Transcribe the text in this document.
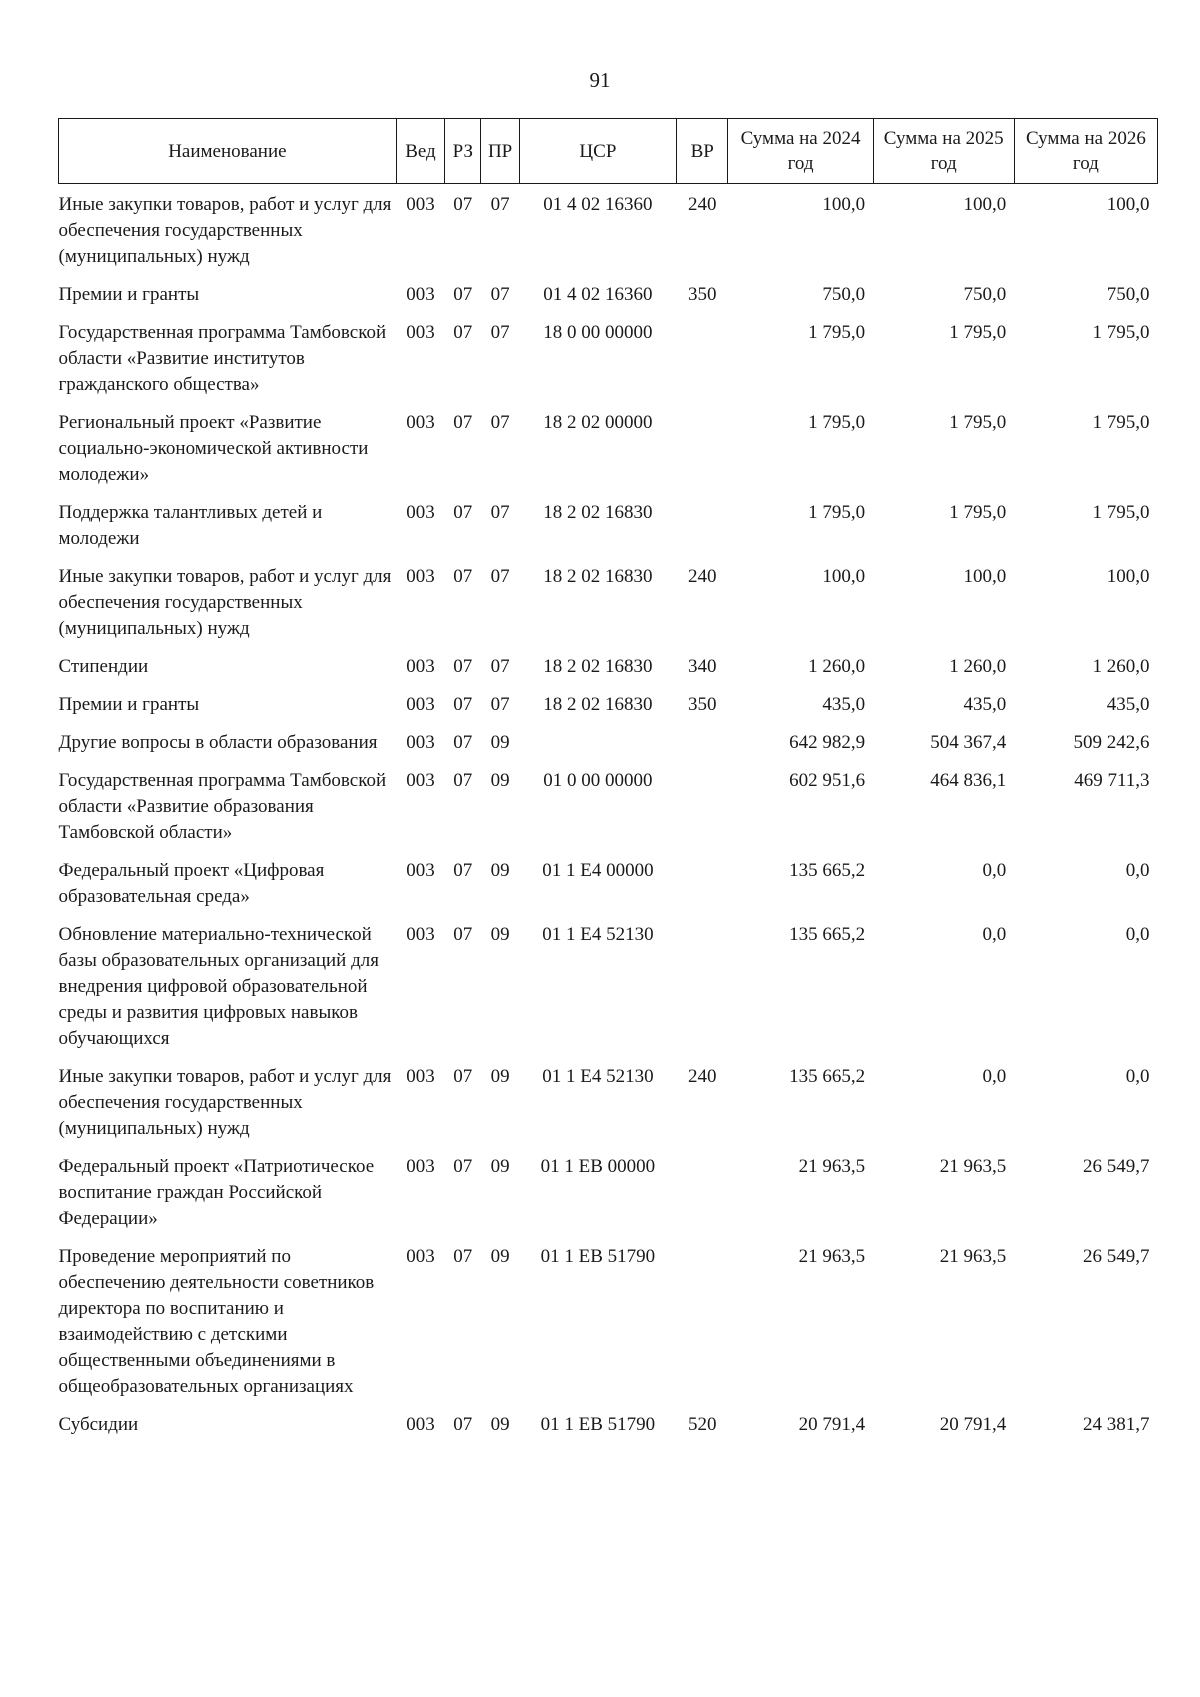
91
Наименование	Вед	РЗ	ПР	ЦСР	ВР	Сумма на 2024 год	Сумма на 2025 год	Сумма на 2026 год
Иные закупки товаров, работ и услуг для обеспечения государственных (муниципальных) нужд	003	07	07	01 4 02 16360	240	100,0	100,0	100,0
Премии и гранты	003	07	07	01 4 02 16360	350	750,0	750,0	750,0
Государственная программа Тамбовской области «Развитие институтов гражданского общества»	003	07	07	18 0 00 00000		1 795,0	1 795,0	1 795,0
Региональный проект «Развитие социально-экономической активности молодежи»	003	07	07	18 2 02 00000		1 795,0	1 795,0	1 795,0
Поддержка талантливых детей и молодежи	003	07	07	18 2 02 16830		1 795,0	1 795,0	1 795,0
Иные закупки товаров, работ и услуг для обеспечения государственных (муниципальных) нужд	003	07	07	18 2 02 16830	240	100,0	100,0	100,0
Стипендии	003	07	07	18 2 02 16830	340	1 260,0	1 260,0	1 260,0
Премии и гранты	003	07	07	18 2 02 16830	350	435,0	435,0	435,0
Другие вопросы в области образования	003	07	09			642 982,9	504 367,4	509 242,6
Государственная программа Тамбовской области «Развитие образования Тамбовской области»	003	07	09	01 0 00 00000		602 951,6	464 836,1	469 711,3
Федеральный проект «Цифровая образовательная среда»	003	07	09	01 1 E4 00000		135 665,2	0,0	0,0
Обновление материально-технической базы образовательных организаций для внедрения цифровой образовательной среды и развития цифровых навыков обучающихся	003	07	09	01 1 E4 52130		135 665,2	0,0	0,0
Иные закупки товаров, работ и услуг для обеспечения государственных (муниципальных) нужд	003	07	09	01 1 E4 52130	240	135 665,2	0,0	0,0
Федеральный проект «Патриотическое воспитание граждан Российской Федерации»	003	07	09	01 1 EB 00000		21 963,5	21 963,5	26 549,7
Проведение мероприятий по обеспечению деятельности советников директора по воспитанию и взаимодействию с детскими общественными объединениями в общеобразовательных организациях	003	07	09	01 1 EB 51790		21 963,5	21 963,5	26 549,7
Субсидии	003	07	09	01 1 EB 51790	520	20 791,4	20 791,4	24 381,7
